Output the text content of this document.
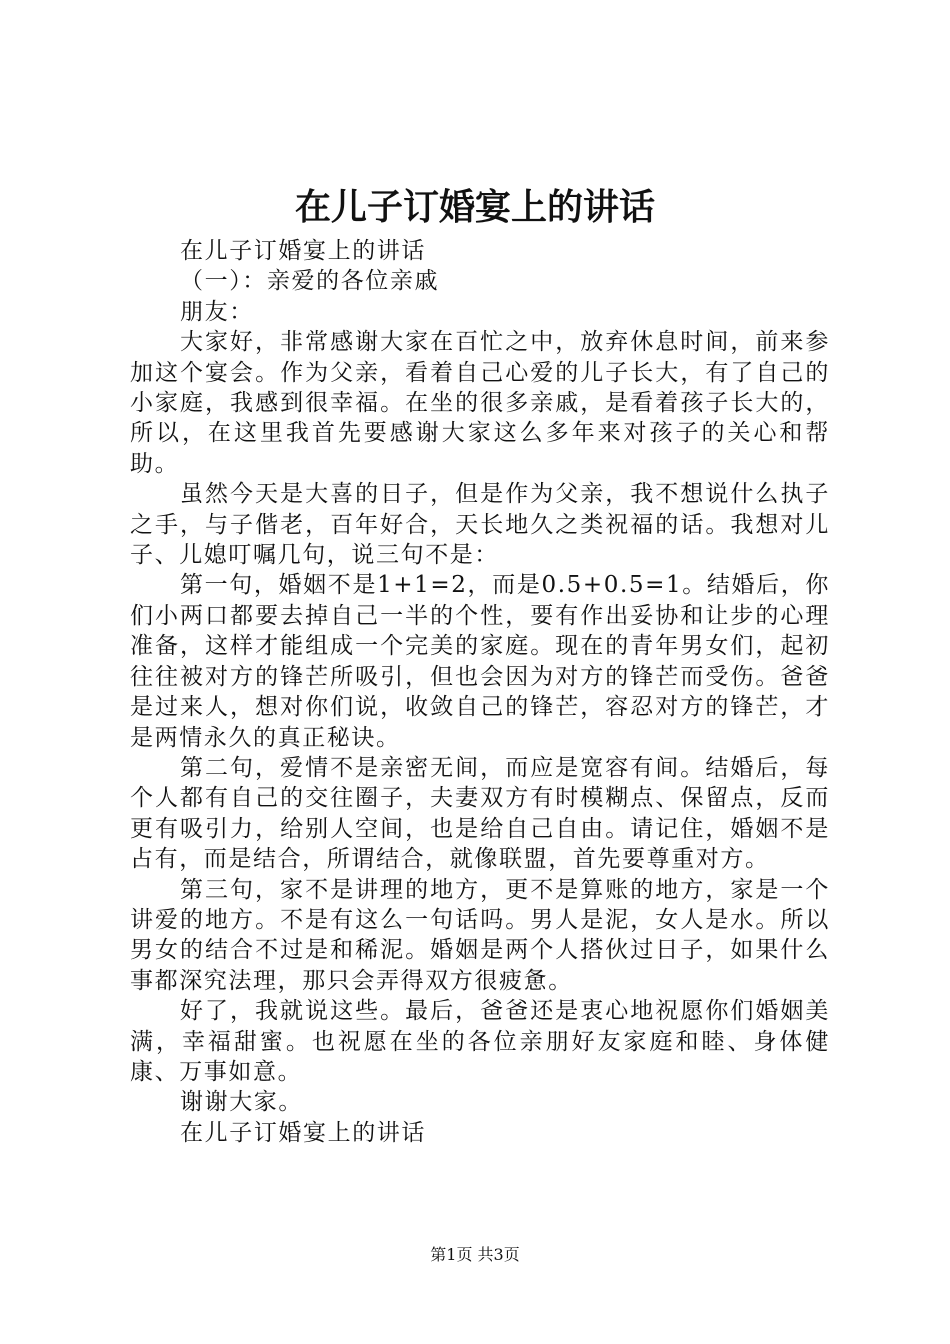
在儿子订婚宴上的讲话

在儿子订婚宴上的讲话

（一）：亲爱的各位亲戚

朋友：

大家好，非常感谢大家在百忙之中，放弃休息时间，前来参加这个宴会。作为父亲，看着自己心爱的儿子长大，有了自己的小家庭，我感到很幸福。在坐的很多亲戚，是看着孩子长大的，所以，在这里我首先要感谢大家这么多年来对孩子的关心和帮助。

虽然今天是大喜的日子，但是作为父亲，我不想说什么执子之手，与子偕老，百年好合，天长地久之类祝福的话。我想对儿子、儿媳叮嘱几句，说三句不是：

第一句，婚姻不是1+1=2，而是0.5+0.5=1。结婚后，你们小两口都要去掉自己一半的个性，要有作出妥协和让步的心理准备，这样才能组成一个完美的家庭。现在的青年男女们，起初往往被对方的锋芒所吸引，但也会因为对方的锋芒而受伤。爸爸是过来人，想对你们说，收敛自己的锋芒，容忍对方的锋芒，才是两情永久的真正秘诀。

第二句，爱情不是亲密无间，而应是宽容有间。结婚后，每个人都有自己的交往圈子，夫妻双方有时模糊点、保留点，反而更有吸引力，给别人空间，也是给自己自由。请记住，婚姻不是占有，而是结合，所谓结合，就像联盟，首先要尊重对方。

第三句，家不是讲理的地方，更不是算账的地方，家是一个讲爱的地方。不是有这么一句话吗。男人是泥，女人是水。所以男女的结合不过是和稀泥。婚姻是两个人搭伙过日子，如果什么事都深究法理，那只会弄得双方很疲惫。

好了，我就说这些。最后，爸爸还是衷心地祝愿你们婚姻美满，幸福甜蜜。也祝愿在坐的各位亲朋好友家庭和睦、身体健康、万事如意。

谢谢大家。

在儿子订婚宴上的讲话

第1页 共3页
